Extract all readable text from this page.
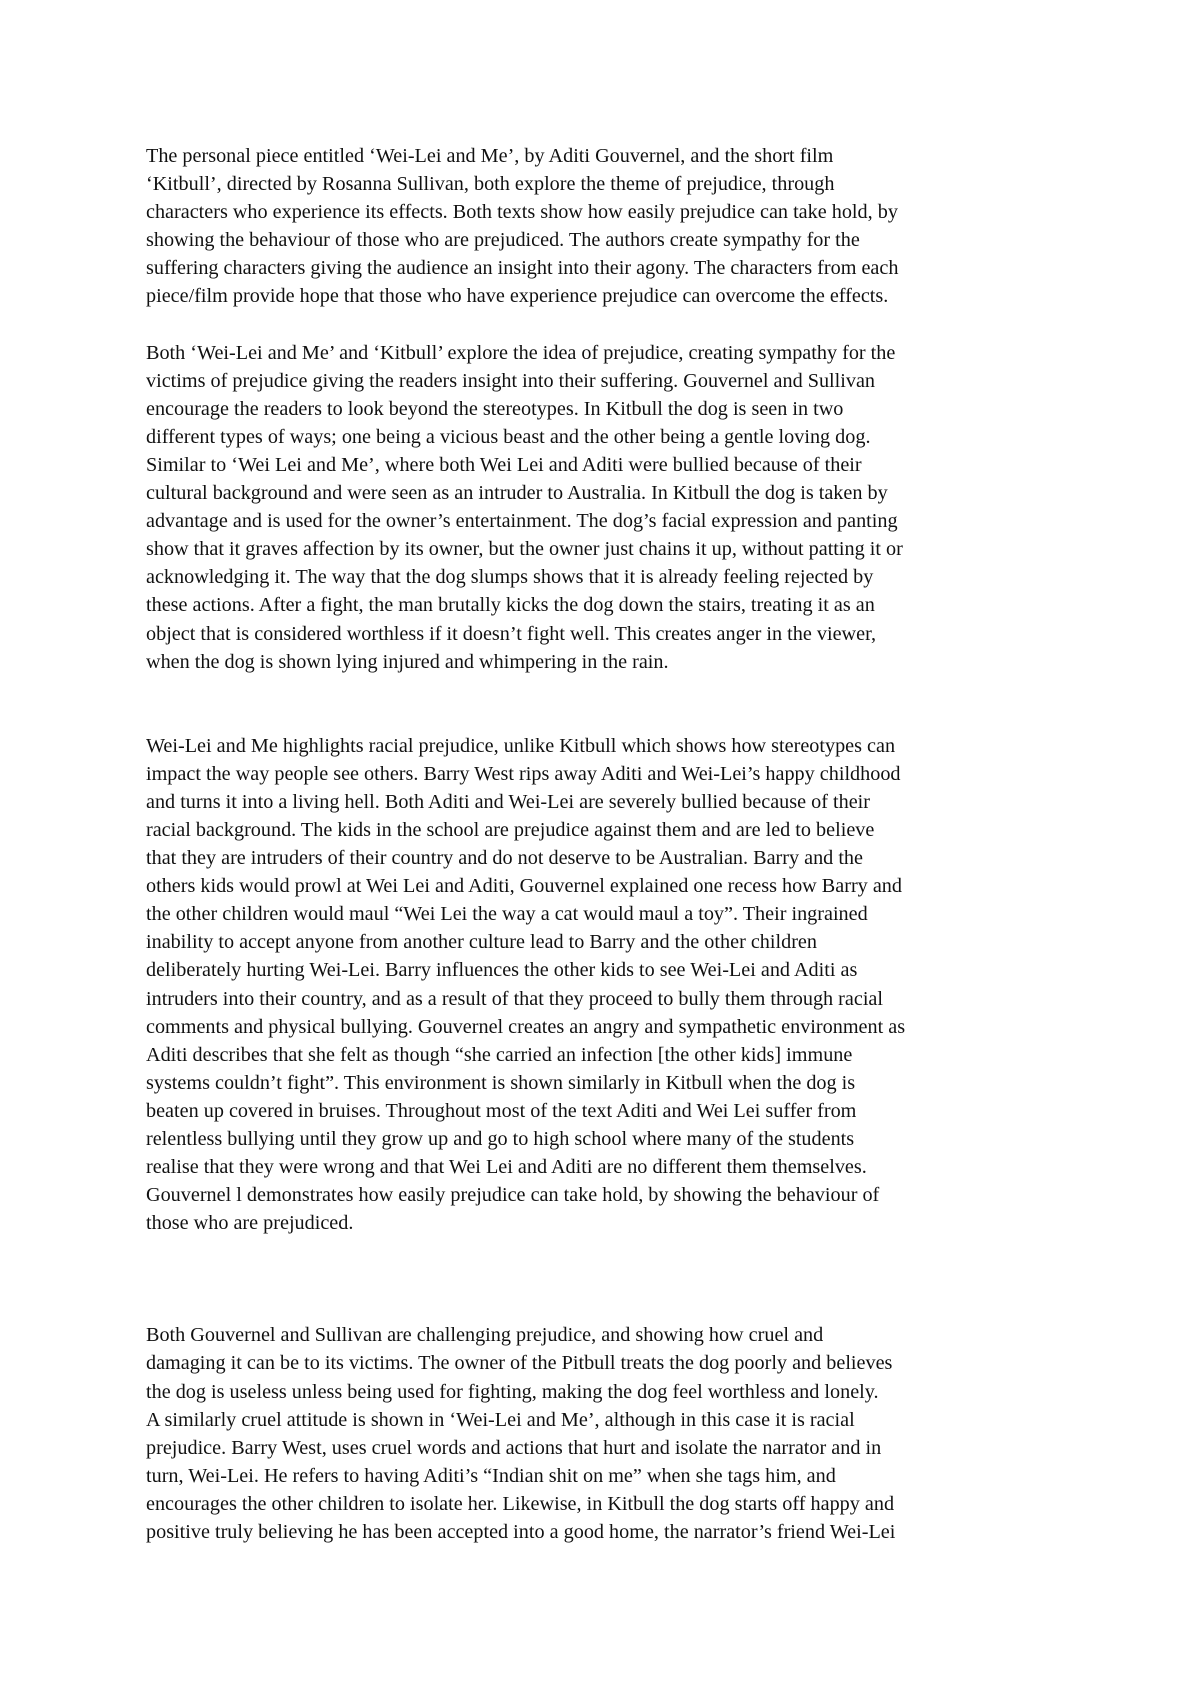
The personal piece entitled ‘Wei-Lei and Me’, by Aditi Gouvernel, and the short film
‘Kitbull’, directed by Rosanna Sullivan, both explore the theme of prejudice, through
characters who experience its effects. Both texts show how easily prejudice can take hold, by
showing the behaviour of those who are prejudiced. The authors create sympathy for the
suffering characters giving the audience an insight into their agony. The characters from each
piece/film provide hope that those who have experience prejudice can overcome the effects.
Both ‘Wei-Lei and Me’ and ‘Kitbull’ explore the idea of prejudice, creating sympathy for the
victims of prejudice giving the readers insight into their suffering. Gouvernel and Sullivan
encourage the readers to look beyond the stereotypes. In Kitbull the dog is seen in two
different types of ways; one being a vicious beast and the other being a gentle loving dog.
Similar to ‘Wei Lei and Me’, where both Wei Lei and Aditi were bullied because of their
cultural background and were seen as an intruder to Australia. In Kitbull the dog is taken by
advantage and is used for the owner’s entertainment. The dog’s facial expression and panting
show that it graves affection by its owner, but the owner just chains it up, without patting it or
acknowledging it. The way that the dog slumps shows that it is already feeling rejected by
these actions. After a fight, the man brutally kicks the dog down the stairs, treating it as an
object that is considered worthless if it doesn’t fight well. This creates anger in the viewer,
when the dog is shown lying injured and whimpering in the rain.
Wei-Lei and Me highlights racial prejudice, unlike Kitbull which shows how stereotypes can
impact the way people see others. Barry West rips away Aditi and Wei-Lei’s happy childhood
and turns it into a living hell. Both Aditi and Wei-Lei are severely bullied because of their
racial background. The kids in the school are prejudice against them and are led to believe
that they are intruders of their country and do not deserve to be Australian. Barry and the
others kids would prowl at Wei Lei and Aditi, Gouvernel explained one recess how Barry and
the other children would maul “Wei Lei the way a cat would maul a toy”. Their ingrained
inability to accept anyone from another culture lead to Barry and the other children
deliberately hurting Wei-Lei. Barry influences the other kids to see Wei-Lei and Aditi as
intruders into their country, and as a result of that they proceed to bully them through racial
comments and physical bullying. Gouvernel creates an angry and sympathetic environment as
Aditi describes that she felt as though “she carried an infection [the other kids] immune
systems couldn’t fight”. This environment is shown similarly in Kitbull when the dog is
beaten up covered in bruises. Throughout most of the text Aditi and Wei Lei suffer from
relentless bullying until they grow up and go to high school where many of the students
realise that they were wrong and that Wei Lei and Aditi are no different them themselves.
Gouvernel l demonstrates how easily prejudice can take hold, by showing the behaviour of
those who are prejudiced.
Both Gouvernel and Sullivan are challenging prejudice, and showing how cruel and
damaging it can be to its victims. The owner of the Pitbull treats the dog poorly and believes
the dog is useless unless being used for fighting, making the dog feel worthless and lonely.
A similarly cruel attitude is shown in ‘Wei-Lei and Me’, although in this case it is racial
prejudice. Barry West, uses cruel words and actions that hurt and isolate the narrator and in
turn, Wei-Lei. He refers to having Aditi’s “Indian shit on me” when she tags him, and
encourages the other children to isolate her. Likewise, in Kitbull the dog starts off happy and
positive truly believing he has been accepted into a good home, the narrator’s friend Wei-Lei
